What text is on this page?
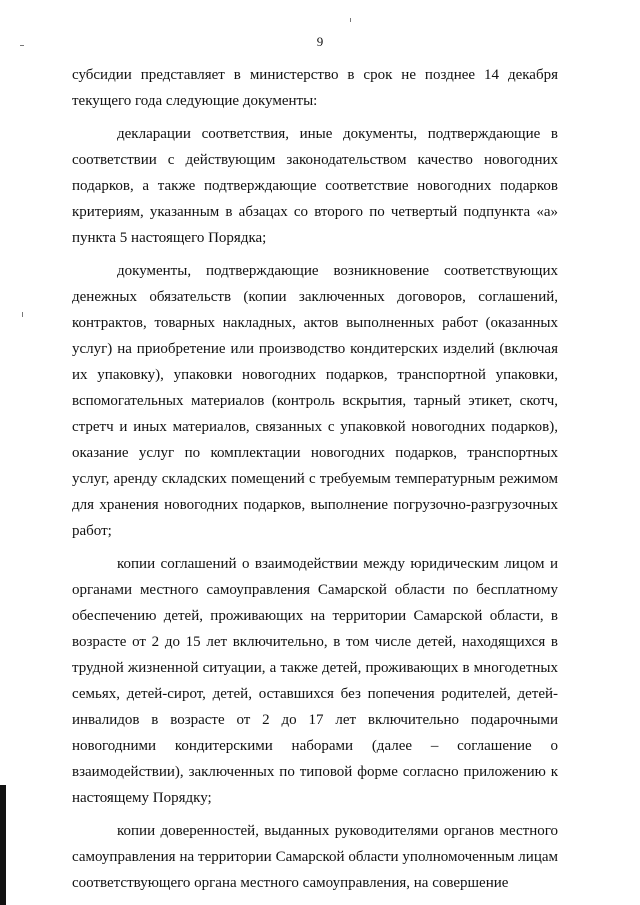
9

субсидии представляет в министерство в срок не позднее 14 декабря текущего года следующие документы:

декларации соответствия, иные документы, подтверждающие в соответствии с действующим законодательством качество новогодних подарков, а также подтверждающие соответствие новогодних подарков критериям, указанным в абзацах со второго по четвертый подпункта «а» пункта 5 настоящего Порядка;

документы, подтверждающие возникновение соответствующих денежных обязательств (копии заключенных договоров, соглашений, контрактов, товарных накладных, актов выполненных работ (оказанных услуг) на приобретение или производство кондитерских изделий (включая их упаковку), упаковки новогодних подарков, транспортной упаковки, вспомогательных материалов (контроль вскрытия, тарный этикет, скотч, стретч и иных материалов, связанных с упаковкой новогодних подарков), оказание услуг по комплектации новогодних подарков, транспортных услуг, аренду складских помещений с требуемым температурным режимом для хранения новогодних подарков, выполнение погрузочно-разгрузочных работ;

копии соглашений о взаимодействии между юридическим лицом и органами местного самоуправления Самарской области по бесплатному обеспечению детей, проживающих на территории Самарской области, в возрасте от 2 до 15 лет включительно, в том числе детей, находящихся в трудной жизненной ситуации, а также детей, проживающих в многодетных семьях, детей-сирот, детей, оставшихся без попечения родителей, детей-инвалидов в возрасте от 2 до 17 лет включительно подарочными новогодними кондитерскими наборами (далее – соглашение о взаимодействии), заключенных по типовой форме согласно приложению к настоящему Порядку;

копии доверенностей, выданных руководителями органов местного самоуправления на территории Самарской области уполномоченным лицам соответствующего органа местного самоуправления, на совершение
